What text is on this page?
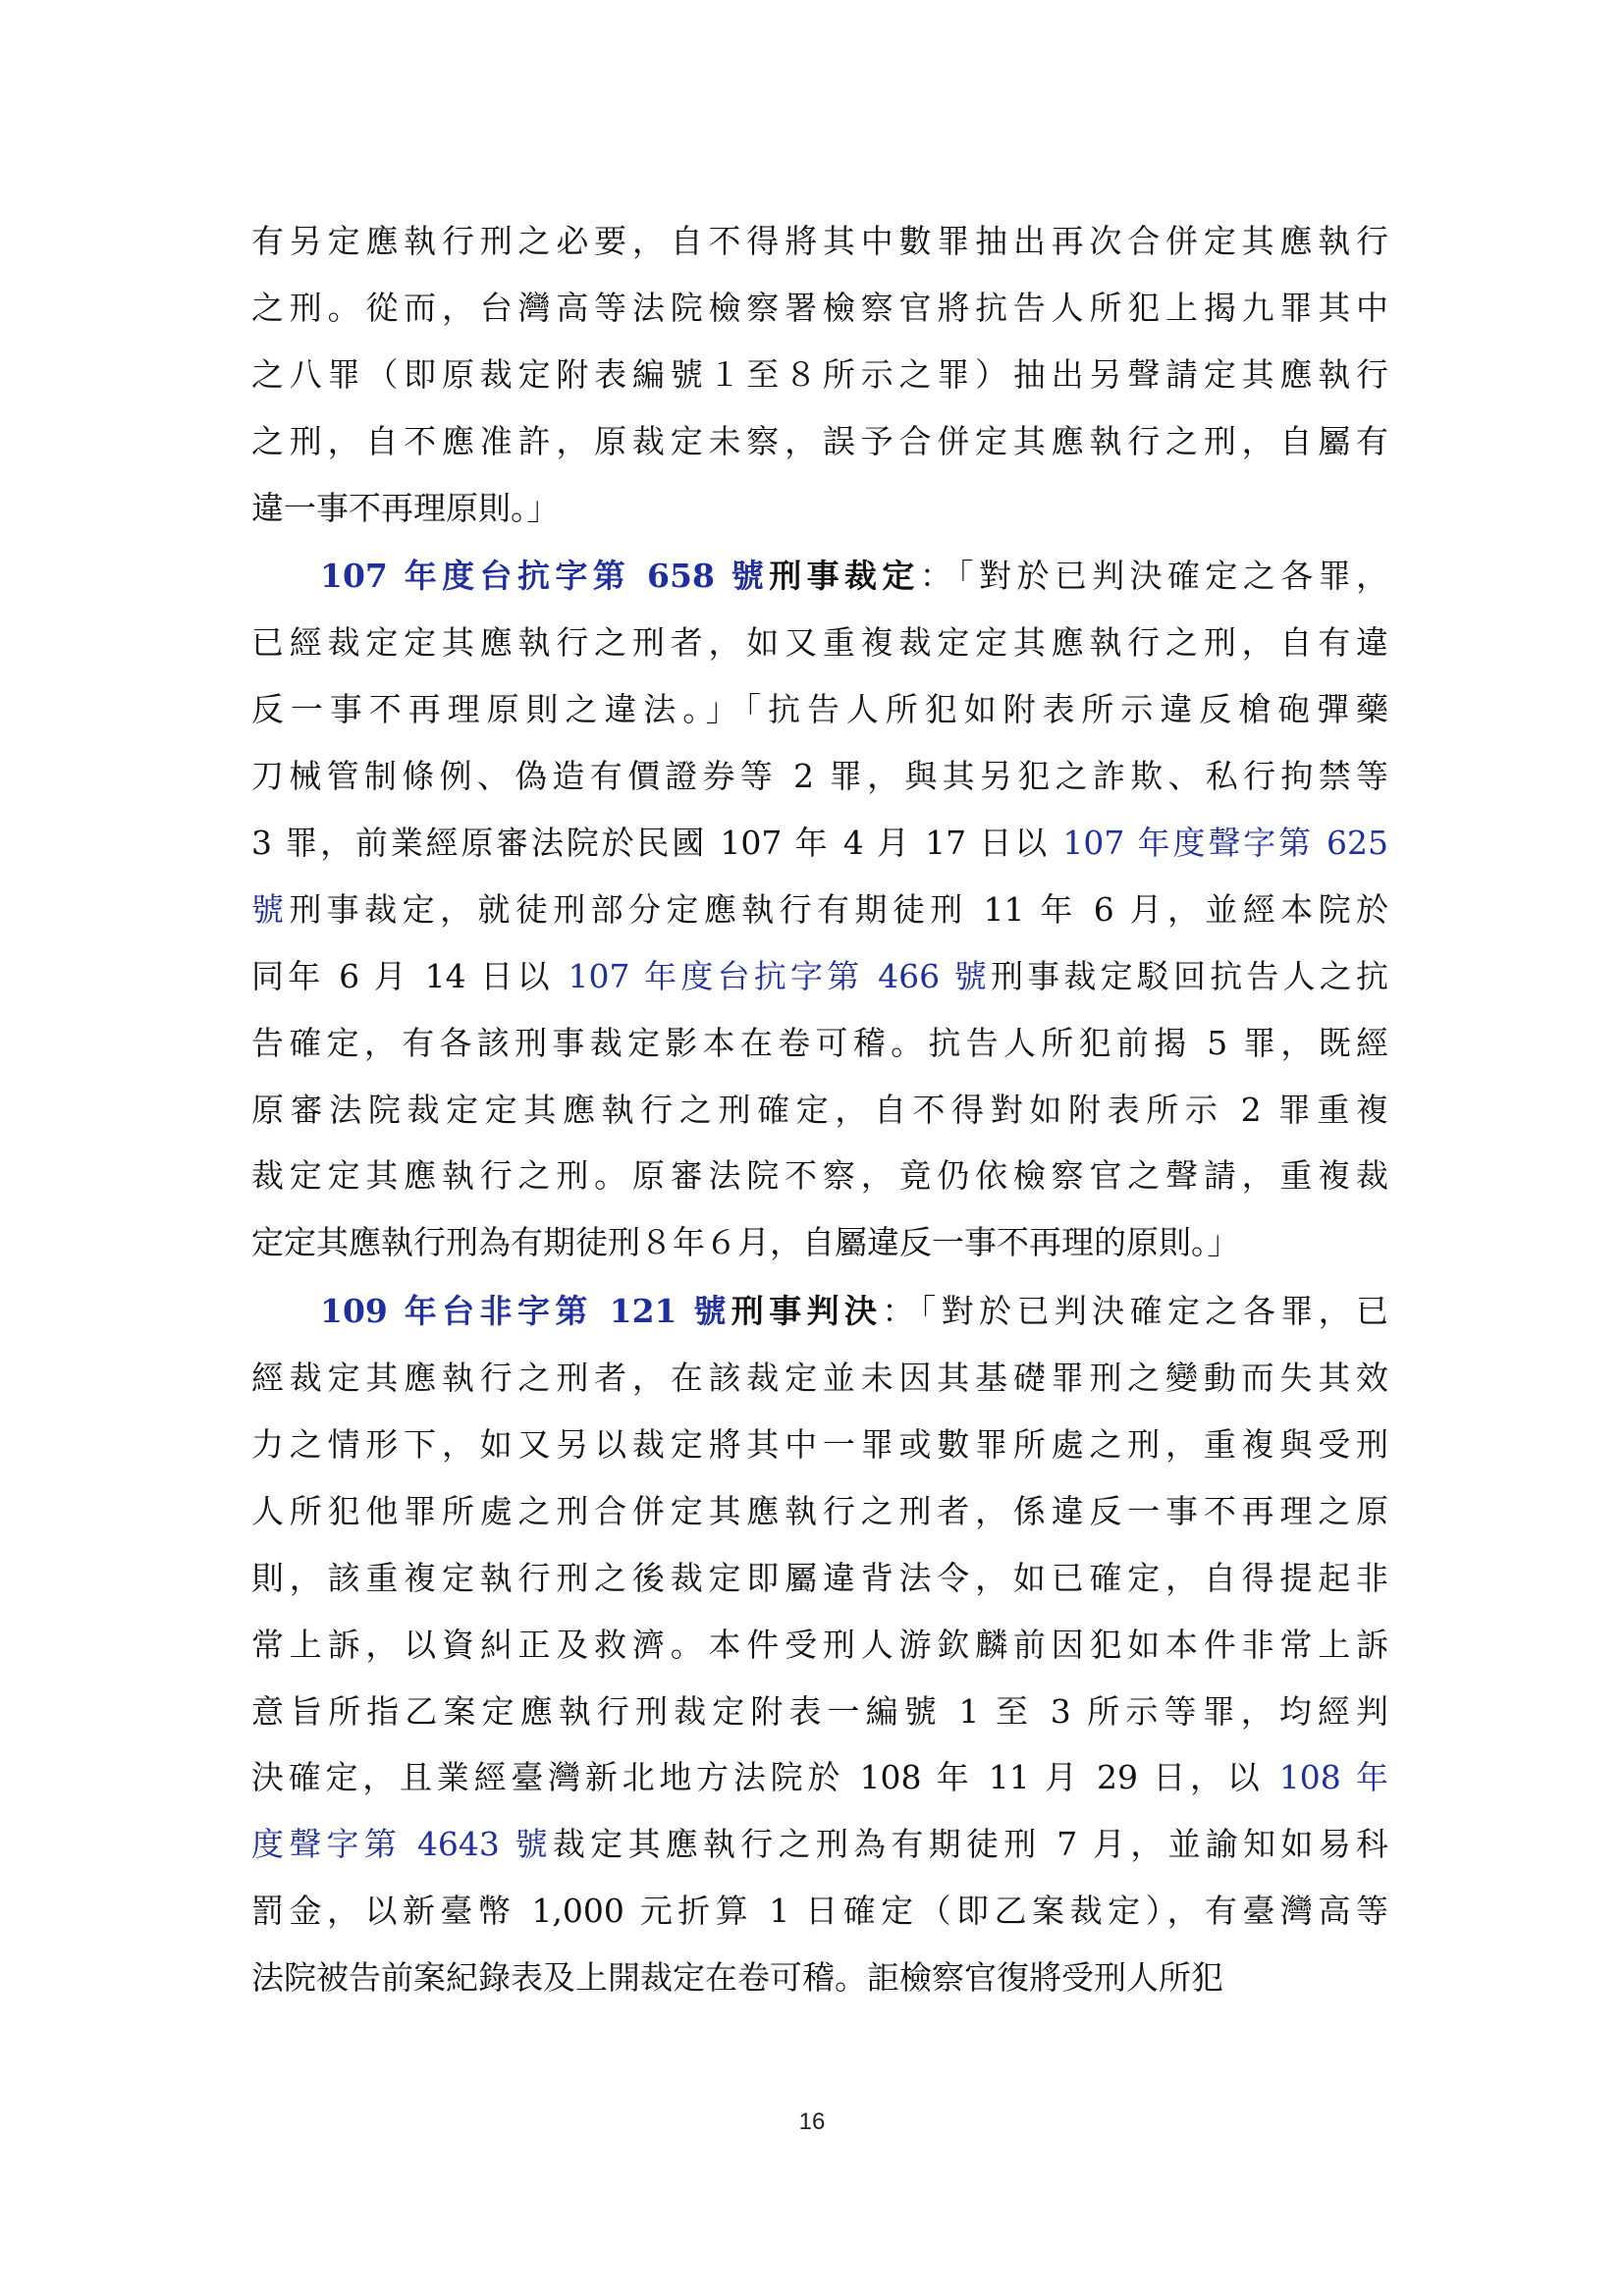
有另定應執行刑之必要，自不得將其中數罪抽出再次合併定其應執行
之刑。從而，台灣高等法院檢察署檢察官將抗告人所犯上揭九罪其中
之八罪（即原裁定附表編號１至８所示之罪）抽出另聲請定其應執行
之刑，自不應准許，原裁定未察，誤予合併定其應執行之刑，自屬有
違一事不再理原則。」
107 年度台抗字第 658 號刑事裁定：「對於已判決確定之各罪，
已經裁定定其應執行之刑者，如又重複裁定定其應執行之刑，自有違
反一事不再理原則之違法。」「抗告人所犯如附表所示違反槍砲彈藥
刀械管制條例、偽造有價證券等 2 罪，與其另犯之詐欺、私行拘禁等
3 罪，前業經原審法院於民國 107 年 4 月 17 日以 107 年度聲字第 625
號刑事裁定，就徒刑部分定應執行有期徒刑 11 年 6 月，並經本院於
同年 6 月 14 日以 107 年度台抗字第 466 號刑事裁定駁回抗告人之抗
告確定，有各該刑事裁定影本在卷可稽。抗告人所犯前揭 5 罪，既經
原審法院裁定定其應執行之刑確定，自不得對如附表所示 2 罪重複
裁定定其應執行之刑。原審法院不察，竟仍依檢察官之聲請，重複裁
定定其應執行刑為有期徒刑８年６月，自屬違反一事不再理的原則。」
109 年台非字第 121 號刑事判決：「對於已判決確定之各罪，已
經裁定其應執行之刑者，在該裁定並未因其基礎罪刑之變動而失其效
力之情形下，如又另以裁定將其中一罪或數罪所處之刑，重複與受刑
人所犯他罪所處之刑合併定其應執行之刑者，係違反一事不再理之原
則，該重複定執行刑之後裁定即屬違背法令，如已確定，自得提起非
常上訴，以資糾正及救濟。本件受刑人游欽麟前因犯如本件非常上訴
意旨所指乙案定應執行刑裁定附表一編號 1 至 3 所示等罪，均經判
決確定，且業經臺灣新北地方法院於 108 年 11 月 29 日，以 108 年
度聲字第 4643 號裁定其應執行之刑為有期徒刑 7 月，並諭知如易科
罰金，以新臺幣 1,000 元折算 1 日確定（即乙案裁定），有臺灣高等
法院被告前案紀錄表及上開裁定在卷可稽。詎檢察官復將受刑人所犯
16
